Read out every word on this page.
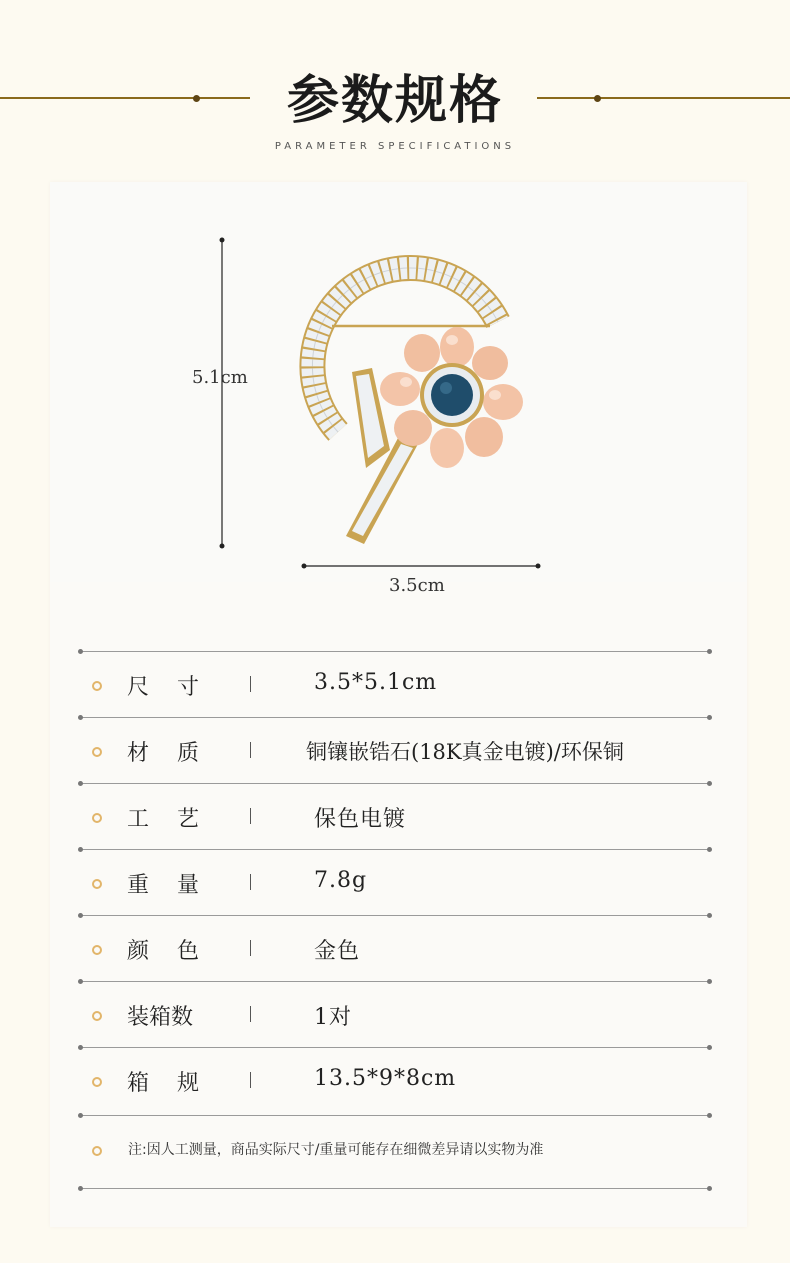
参数规格
PARAMETER SPECIFICATIONS
5.1cm
3.5cm
尺    寸	3.5*5.1cm
材    质	铜镶嵌锆石(18K真金电镀)/环保铜
工    艺	保色电镀
重    量	7.8g
颜    色	金色
装箱数	1对
箱    规	13.5*9*8cm
注:因人工测量，商品实际尺寸/重量可能存在细微差异请以实物为准
